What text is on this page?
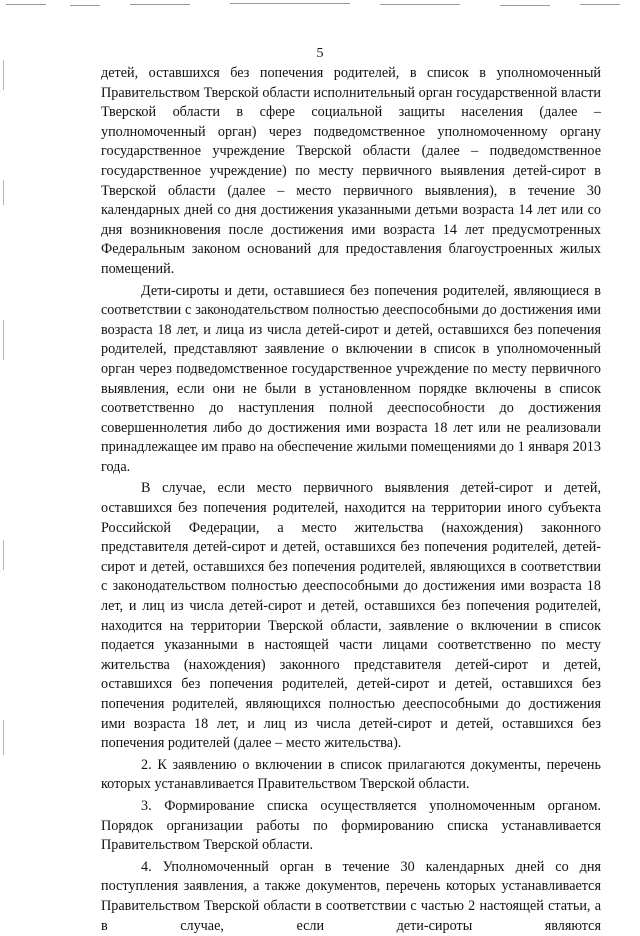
5

детей, оставшихся без попечения родителей, в список в уполномоченный Правительством Тверской области исполнительный орган государственной власти Тверской области в сфере социальной защиты населения (далее – уполномоченный орган) через подведомственное уполномоченному органу государственное учреждение Тверской области (далее – подведомственное государственное учреждение) по месту первичного выявления детей-сирот в Тверской области (далее – место первичного выявления), в течение 30 календарных дней со дня достижения указанными детьми возраста 14 лет или со дня возникновения после достижения ими возраста 14 лет предусмотренных Федеральным законом оснований для предоставления благоустроенных жилых помещений.

Дети-сироты и дети, оставшиеся без попечения родителей, являющиеся в соответствии с законодательством полностью дееспособными до достижения ими возраста 18 лет, и лица из числа детей-сирот и детей, оставшихся без попечения родителей, представляют заявление о включении в список в уполномоченный орган через подведомственное государственное учреждение по месту первичного выявления, если они не были в установленном порядке включены в список соответственно до наступления полной дееспособности до достижения совершеннолетия либо до достижения ими возраста 18 лет или не реализовали принадлежащее им право на обеспечение жилыми помещениями до 1 января 2013 года.

В случае, если место первичного выявления детей-сирот и детей, оставшихся без попечения родителей, находится на территории иного субъекта Российской Федерации, а место жительства (нахождения) законного представителя детей-сирот и детей, оставшихся без попечения родителей, детей-сирот и детей, оставшихся без попечения родителей, являющихся в соответствии с законодательством полностью дееспособными до достижения ими возраста 18 лет, и лиц из числа детей-сирот и детей, оставшихся без попечения родителей, находится на территории Тверской области, заявление о включении в список подается указанными в настоящей части лицами соответственно по месту жительства (нахождения) законного представителя детей-сирот и детей, оставшихся без попечения родителей, детей-сирот и детей, оставшихся без попечения родителей, являющихся полностью дееспособными до достижения ими возраста 18 лет, и лиц из числа детей-сирот и детей, оставшихся без попечения родителей (далее – место жительства).

2. К заявлению о включении в список прилагаются документы, перечень которых устанавливается Правительством Тверской области.

3. Формирование списка осуществляется уполномоченным органом. Порядок организации работы по формированию списка устанавливается Правительством Тверской области.

4. Уполномоченный орган в течение 30 календарных дней со дня поступления заявления, а также документов, перечень которых устанавливается Правительством Тверской области в соответствии с частью 2 настоящей статьи, а в случае, если дети-сироты являются
